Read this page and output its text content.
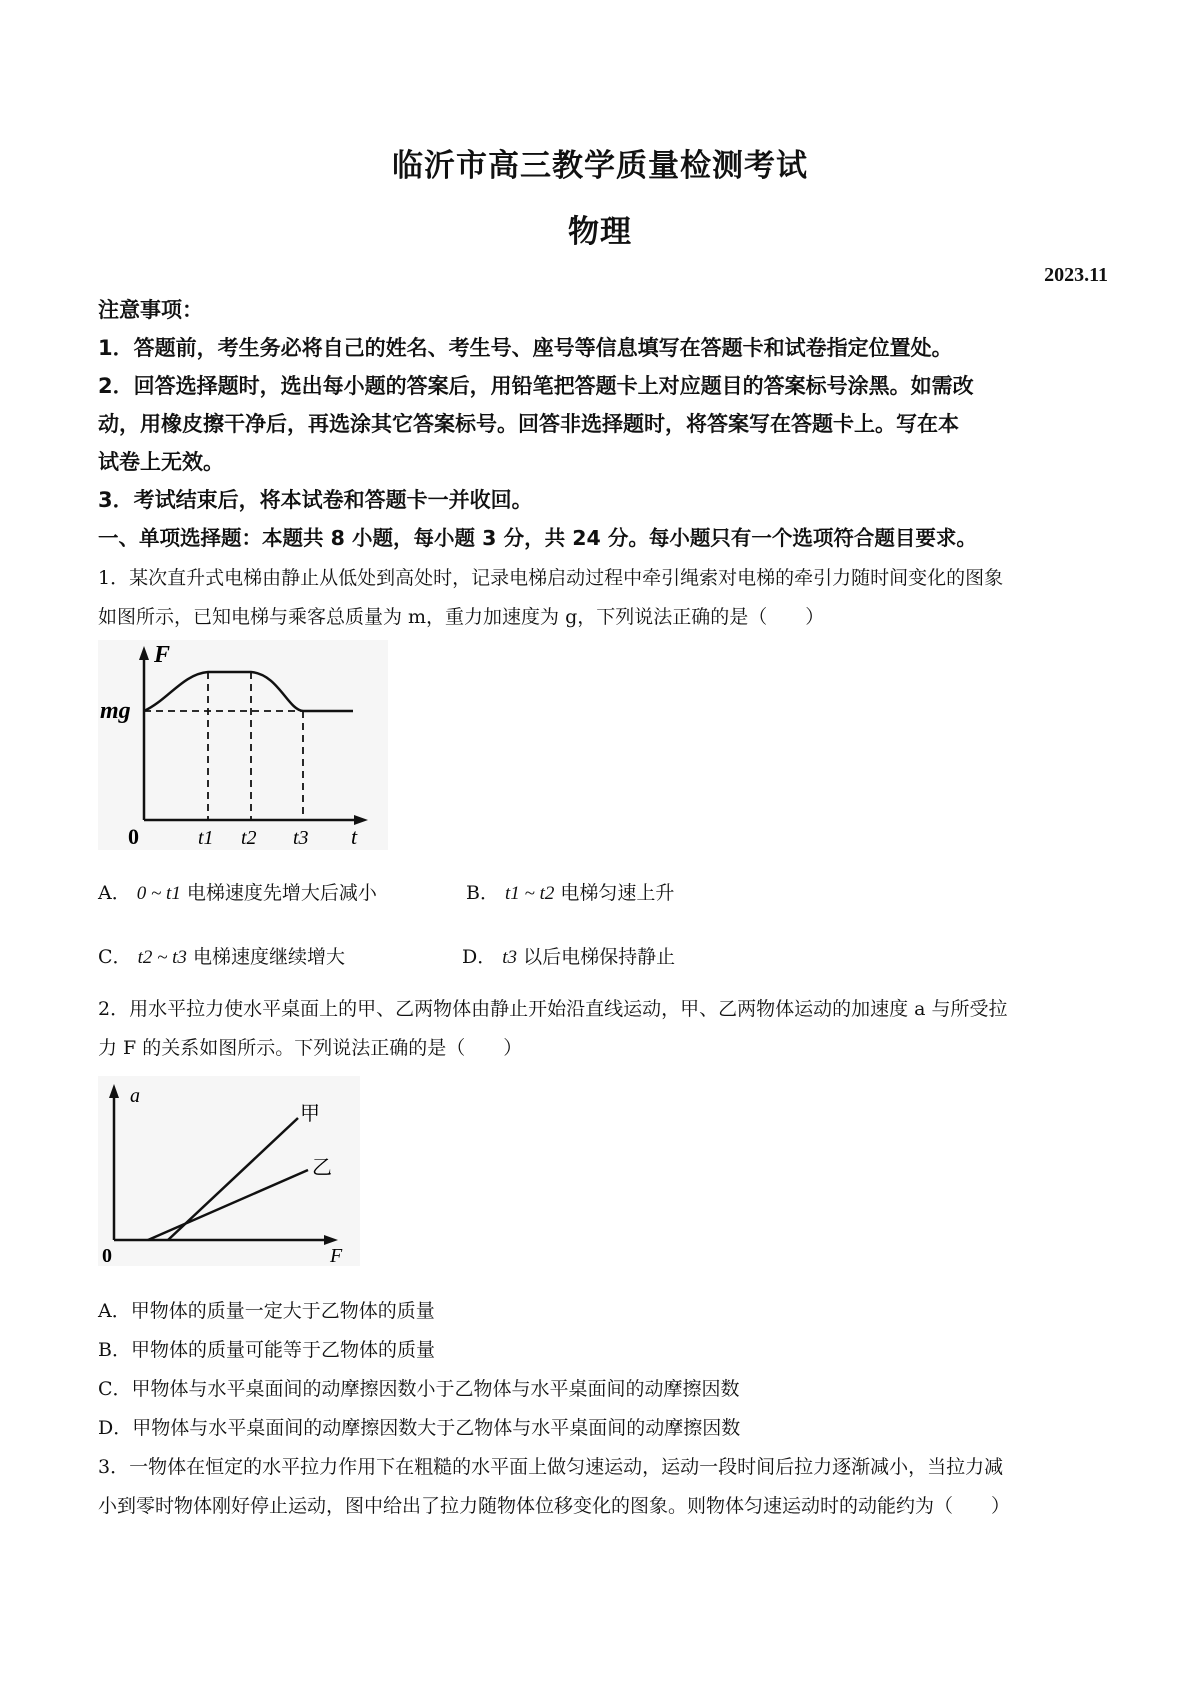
临沂市高三教学质量检测考试
物理
2023.11
注意事项：
1．答题前，考生务必将自己的姓名、考生号、座号等信息填写在答题卡和试卷指定位置处。
2．回答选择题时，选出每小题的答案后，用铅笔把答题卡上对应题目的答案标号涂黑。如需改
动，用橡皮擦干净后，再选涂其它答案标号。回答非选择题时，将答案写在答题卡上。写在本
试卷上无效。
3．考试结束后，将本试卷和答题卡一并收回。
一、单项选择题：本题共 8 小题，每小题 3 分，共 24 分。每小题只有一个选项符合题目要求。
1．某次直升式电梯由静止从低处到高处时，记录电梯启动过程中牵引绳索对电梯的牵引力随时间变化的图象
如图所示，已知电梯与乘客总质量为 m，重力加速度为 g，下列说法正确的是（　　）
F
mg
0	t1 t2 t3 t
A． 0 ~ t1 电梯速度先增大后减小	B． t1 ~ t2 电梯匀速上升
C． t2 ~ t3 电梯速度继续增大	D． t3 以后电梯保持静止
2．用水平拉力使水平桌面上的甲、乙两物体由静止开始沿直线运动，甲、乙两物体运动的加速度 a 与所受拉
力 F 的关系如图所示。下列说法正确的是（　　）
a
甲
乙
0	F
A．甲物体的质量一定大于乙物体的质量
B．甲物体的质量可能等于乙物体的质量
C．甲物体与水平桌面间的动摩擦因数小于乙物体与水平桌面间的动摩擦因数
D．甲物体与水平桌面间的动摩擦因数大于乙物体与水平桌面间的动摩擦因数
3．一物体在恒定的水平拉力作用下在粗糙的水平面上做匀速运动，运动一段时间后拉力逐渐减小，当拉力减
小到零时物体刚好停止运动，图中给出了拉力随物体位移变化的图象。则物体匀速运动时的动能约为（　　）
